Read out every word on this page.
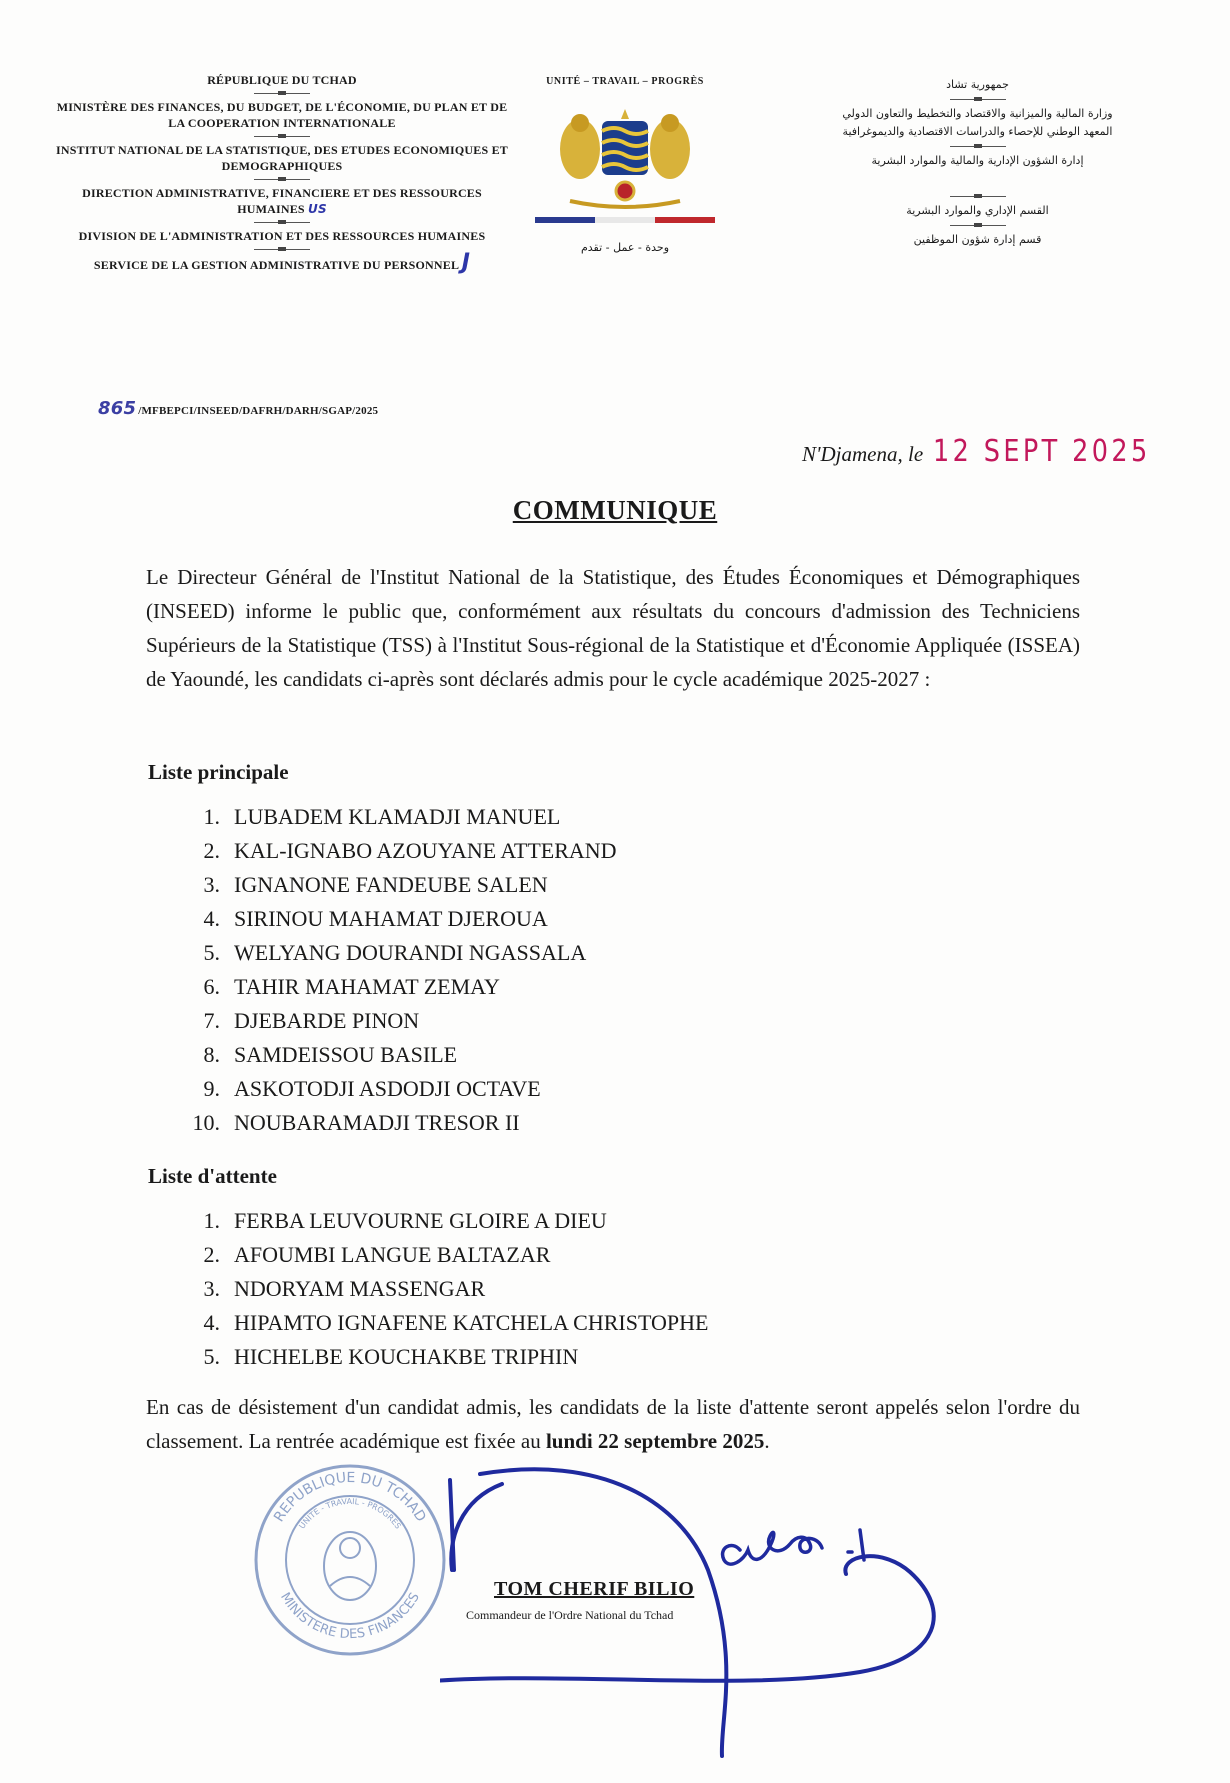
RÉPUBLIQUE DU TCHAD
MINISTÈRE DES FINANCES, DU BUDGET, DE L'ÉCONOMIE, DU PLAN ET DE LA COOPERATION INTERNATIONALE
INSTITUT NATIONAL DE LA STATISTIQUE, DES ETUDES ECONOMIQUES ET DEMOGRAPHIQUES
DIRECTION ADMINISTRATIVE, FINANCIERE ET DES RESSOURCES HUMAINES US
DIVISION DE L'ADMINISTRATION ET DES RESSOURCES HUMAINES
SERVICE DE LA GESTION ADMINISTRATIVE DU PERSONNEL J
865 /MFBEPCI/INSEED/DAFRH/DARH/SGAP/2025
UNITÉ – TRAVAIL – PROGRÈS
وحدة - عمل - تقدم
جمهورية تشاد
وزارة المالية والميزانية والاقتصاد والتخطيط والتعاون الدولي
المعهد الوطني للإحصاء والدراسات الاقتصادية والديموغرافية
إدارة الشؤون الإدارية والمالية والموارد البشرية
القسم الإداري والموارد البشرية
قسم إدارة شؤون الموظفين
N'Djamena, le 12 SEPT 2025
COMMUNIQUE
Le Directeur Général de l'Institut National de la Statistique, des Études Économiques et Démographiques (INSEED) informe le public que, conformément aux résultats du concours d'admission des Techniciens Supérieurs de la Statistique (TSS) à l'Institut Sous-régional de la Statistique et d'Économie Appliquée (ISSEA) de Yaoundé, les candidats ci-après sont déclarés admis pour le cycle académique 2025-2027 :
Liste principale
1. LUBADEM KLAMADJI MANUEL
2. KAL-IGNABO AZOUYANE ATTERAND
3. IGNANONE FANDEUBE SALEN
4. SIRINOU MAHAMAT DJEROUA
5. WELYANG DOURANDI NGASSALA
6. TAHIR MAHAMAT ZEMAY
7. DJEBARDE PINON
8. SAMDEISSOU BASILE
9. ASKOTODJI ASDODJI OCTAVE
10. NOUBARAMADJI TRESOR II
Liste d'attente
1. FERBA LEUVOURNE GLOIRE A DIEU
2. AFOUMBI LANGUE BALTAZAR
3. NDORYAM MASSENGAR
4. HIPAMTO IGNAFENE KATCHELA CHRISTOPHE
5. HICHELBE KOUCHAKBE TRIPHIN
En cas de désistement d'un candidat admis, les candidats de la liste d'attente seront appelés selon l'ordre du classement. La rentrée académique est fixée au lundi 22 septembre 2025.
REPUBLIQUE DU TCHAD
MINISTERE DES FINANCES
UNITE - TRAVAIL - PROGRES
TOM CHERIF BILIO
Commandeur de l'Ordre National du Tchad
